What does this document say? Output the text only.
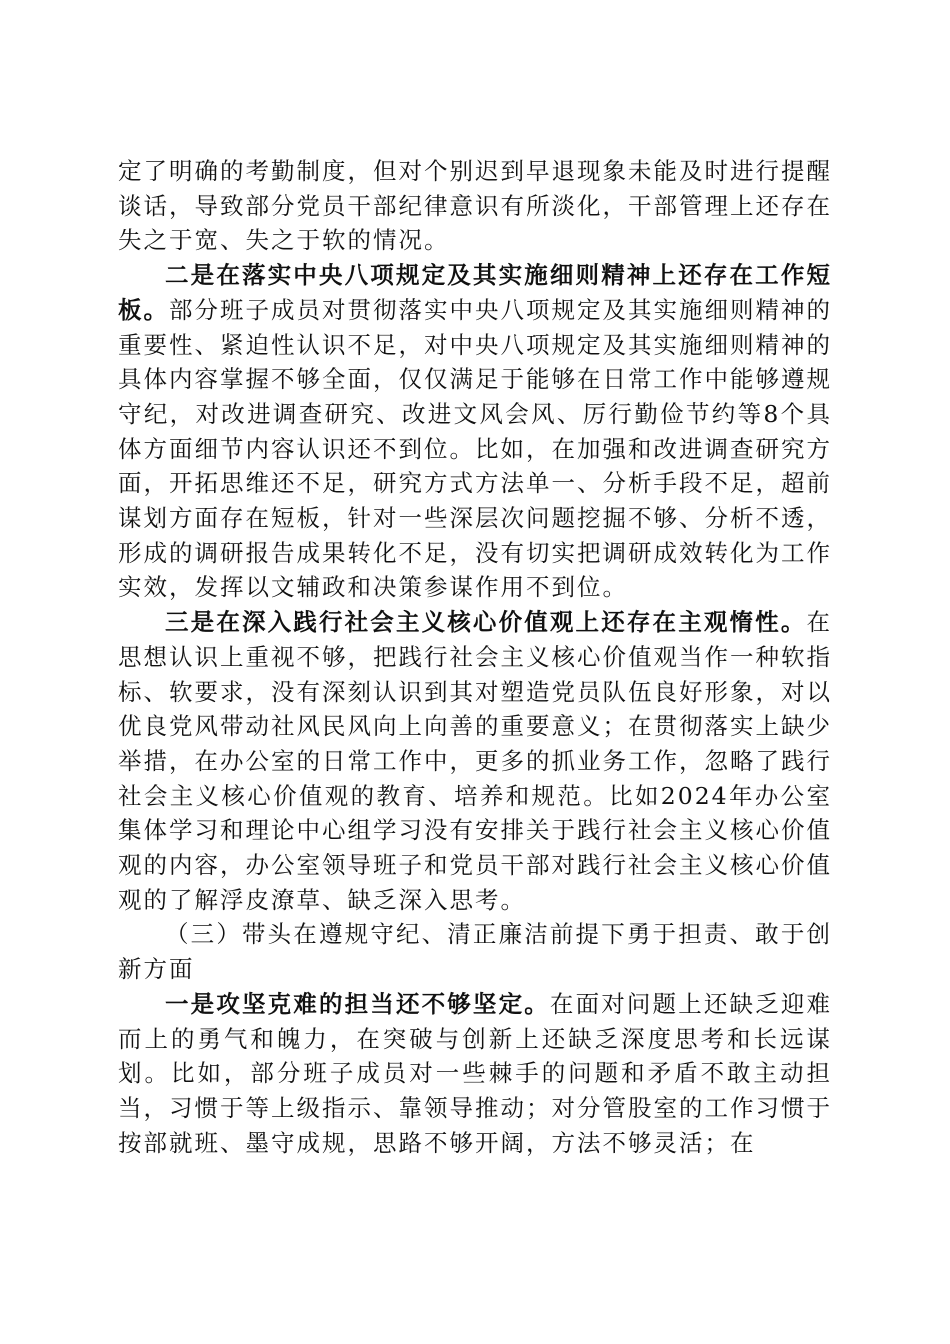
定了明确的考勤制度，但对个别迟到早退现象未能及时进行提醒谈话，导致部分党员干部纪律意识有所淡化，干部管理上还存在失之于宽、失之于软的情况。

二是在落实中央八项规定及其实施细则精神上还存在工作短板。部分班子成员对贯彻落实中央八项规定及其实施细则精神的重要性、紧迫性认识不足，对中央八项规定及其实施细则精神的具体内容掌握不够全面，仅仅满足于能够在日常工作中能够遵规守纪，对改进调查研究、改进文风会风、厉行勤俭节约等8个具体方面细节内容认识还不到位。比如，在加强和改进调查研究方面，开拓思维还不足，研究方式方法单一、分析手段不足，超前谋划方面存在短板，针对一些深层次问题挖掘不够、分析不透，形成的调研报告成果转化不足，没有切实把调研成效转化为工作实效，发挥以文辅政和决策参谋作用不到位。

三是在深入践行社会主义核心价值观上还存在主观惰性。在思想认识上重视不够，把践行社会主义核心价值观当作一种软指标、软要求，没有深刻认识到其对塑造党员队伍良好形象，对以优良党风带动社风民风向上向善的重要意义；在贯彻落实上缺少举措，在办公室的日常工作中，更多的抓业务工作，忽略了践行社会主义核心价值观的教育、培养和规范。比如2024年办公室集体学习和理论中心组学习没有安排关于践行社会主义核心价值观的内容，办公室领导班子和党员干部对践行社会主义核心价值观的了解浮皮潦草、缺乏深入思考。

（三）带头在遵规守纪、清正廉洁前提下勇于担责、敢于创新方面

一是攻坚克难的担当还不够坚定。在面对问题上还缺乏迎难而上的勇气和魄力，在突破与创新上还缺乏深度思考和长远谋划。比如，部分班子成员对一些棘手的问题和矛盾不敢主动担当，习惯于等上级指示、靠领导推动；对分管股室的工作习惯于按部就班、墨守成规，思路不够开阔，方法不够灵活；在
